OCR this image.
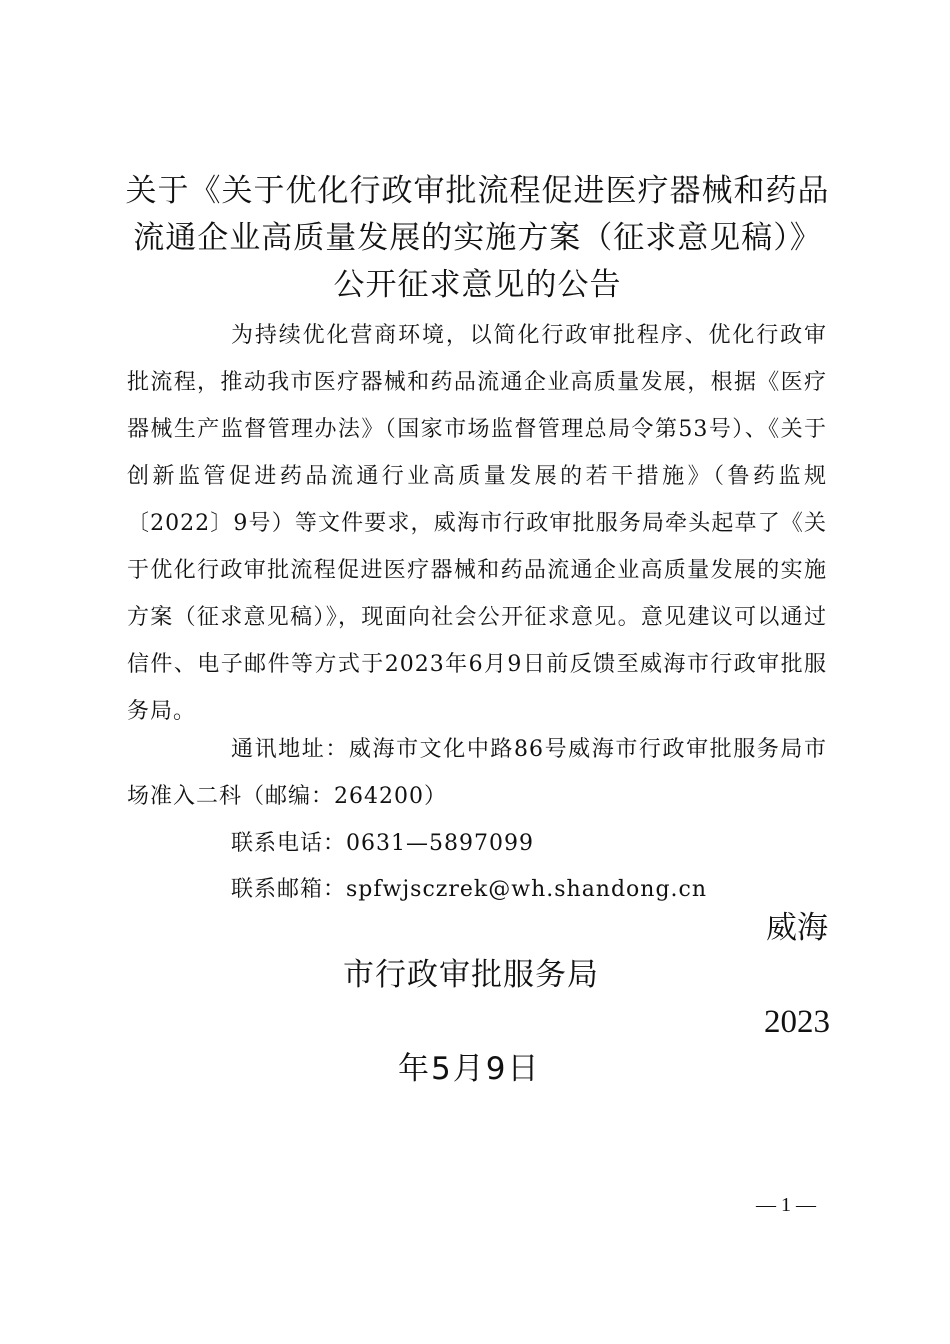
关于《关于优化行政审批流程促进医疗器械和药品流通企业高质量发展的实施方案（征求意见稿）》公开征求意见的公告

为持续优化营商环境，以简化行政审批程序、优化行政审批流程，推动我市医疗器械和药品流通企业高质量发展，根据《医疗器械生产监督管理办法》（国家市场监督管理总局令第53号）、《关于创新监管促进药品流通行业高质量发展的若干措施》（鲁药监规〔2022〕9号）等文件要求，威海市行政审批服务局牵头起草了《关于优化行政审批流程促进医疗器械和药品流通企业高质量发展的实施方案（征求意见稿）》，现面向社会公开征求意见。意见建议可以通过信件、电子邮件等方式于2023年6月9日前反馈至威海市行政审批服务局。

通讯地址：威海市文化中路86号威海市行政审批服务局市场准入二科（邮编：264200）

联系电话：0631—5897099

联系邮箱：spfwjsczrek@wh.shandong.cn

威海

市行政审批服务局

2023

年5月9日

— 1 —
